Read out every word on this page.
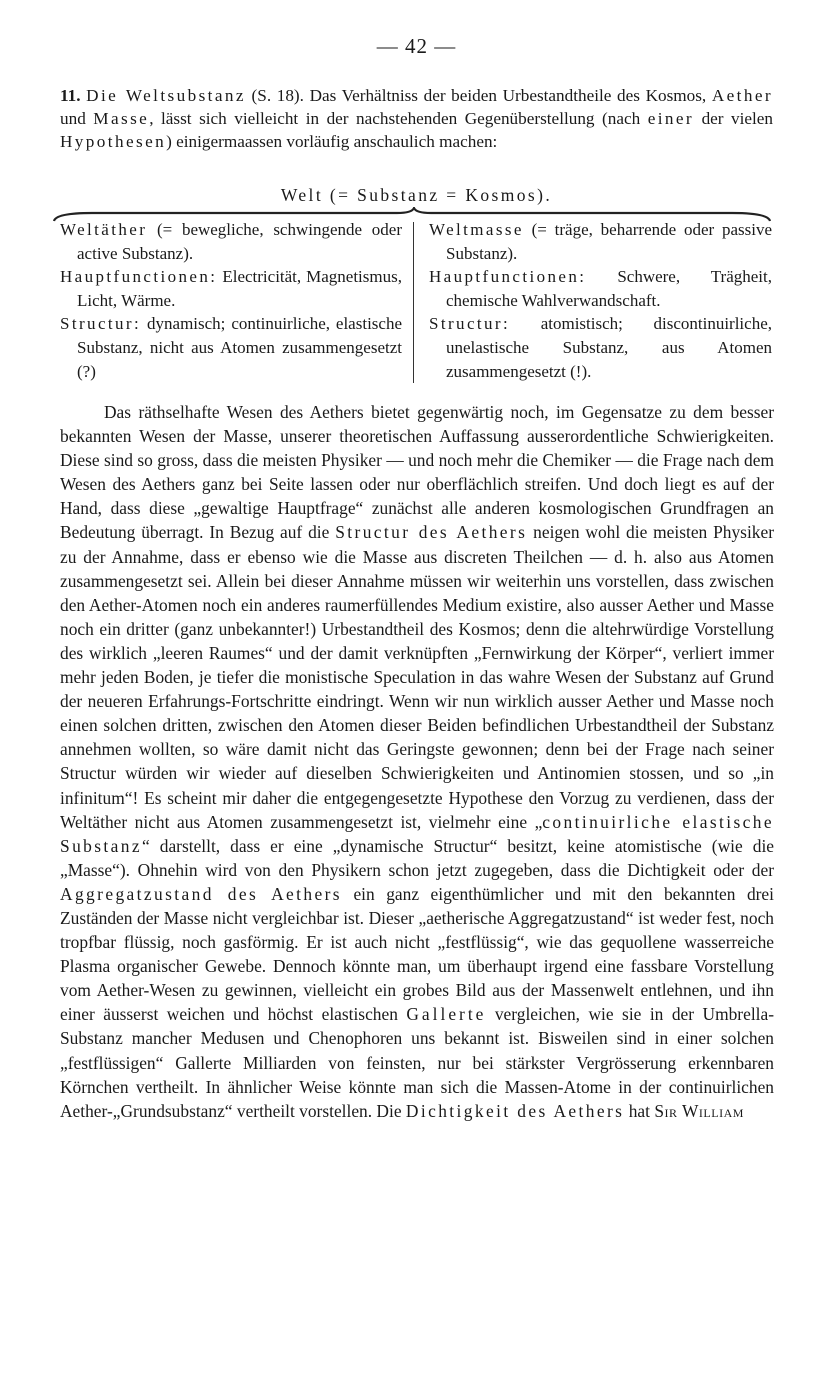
— 42 —
11. Die Weltsubstanz (S. 18). Das Verhältniss der beiden Urbestandtheile des Kosmos, Aether und Masse, lässt sich vielleicht in der nachstehenden Gegenüberstellung (nach einer der vielen Hypothesen) einigermaassen vorläufig anschaulich machen:
Welt (= Substanz = Kosmos).

Weltäther (= bewegliche, schwingende oder active Substanz).

Hauptfunctionen: Electricität, Magnetismus, Licht, Wärme.

Structur: dynamisch; continuirliche, elastische Substanz, nicht aus Atomen zusammengesetzt (?)

Weltmasse (= träge, beharrende oder passive Substanz).

Hauptfunctionen: Schwere, Trägheit, chemische Wahlverwandschaft.

Structur: atomistisch; discontinuirliche, unelastische Substanz, aus Atomen zusammengesetzt (!).

Das räthselhafte Wesen des Aethers bietet gegenwärtig noch, im Gegensatze zu dem besser bekannten Wesen der Masse, unserer theoretischen Auffassung ausserordentliche Schwierigkeiten. Diese sind so gross, dass die meisten Physiker — und noch mehr die Chemiker — die Frage nach dem Wesen des Aethers ganz bei Seite lassen oder nur oberflächlich streifen. Und doch liegt es auf der Hand, dass diese „gewaltige Hauptfrage“ zunächst alle anderen kosmologischen Grundfragen an Bedeutung überragt. In Bezug auf die Structur des Aethers neigen wohl die meisten Physiker zu der Annahme, dass er ebenso wie die Masse aus discreten Theilchen — d. h. also aus Atomen zusammengesetzt sei. Allein bei dieser Annahme müssen wir weiterhin uns vorstellen, dass zwischen den Aether-Atomen noch ein anderes raumerfüllendes Medium existire, also ausser Aether und Masse noch ein dritter (ganz unbekannter!) Urbestandtheil des Kosmos; denn die altehrwürdige Vorstellung des wirklich „leeren Raumes“ und der damit verknüpften „Fernwirkung der Körper“, verliert immer mehr jeden Boden, je tiefer die monistische Speculation in das wahre Wesen der Substanz auf Grund der neueren Erfahrungs-Fortschritte eindringt. Wenn wir nun wirklich ausser Aether und Masse noch einen solchen dritten, zwischen den Atomen dieser Beiden befindlichen Urbestandtheil der Substanz annehmen wollten, so wäre damit nicht das Geringste gewonnen; denn bei der Frage nach seiner Structur würden wir wieder auf dieselben Schwierigkeiten und Antinomien stossen, und so „in infinitum“! Es scheint mir daher die entgegengesetzte Hypothese den Vorzug zu verdienen, dass der Weltäther nicht aus Atomen zusammengesetzt ist, vielmehr eine „continuirliche elastische Substanz“ darstellt, dass er eine „dynamische Structur“ besitzt, keine atomistische (wie die „Masse“). Ohnehin wird von den Physikern schon jetzt zugegeben, dass die Dichtigkeit oder der Aggregatzustand des Aethers ein ganz eigenthümlicher und mit den bekannten drei Zuständen der Masse nicht vergleichbar ist. Dieser „aetherische Aggregatzustand“ ist weder fest, noch tropfbar flüssig, noch gasförmig. Er ist auch nicht „festflüssig“, wie das gequollene wasserreiche Plasma organischer Gewebe. Dennoch könnte man, um überhaupt irgend eine fassbare Vorstellung vom Aether-Wesen zu gewinnen, vielleicht ein grobes Bild aus der Massenwelt entlehnen, und ihn einer äusserst weichen und höchst elastischen Gallerte vergleichen, wie sie in der Umbrella-Substanz mancher Medusen und Chenophoren uns bekannt ist. Bisweilen sind in einer solchen „festflüssigen“ Gallerte Milliarden von feinsten, nur bei stärkster Vergrösserung erkennbaren Körnchen vertheilt. In ähnlicher Weise könnte man sich die Massen-Atome in der continuirlichen Aether-„Grundsubstanz“ vertheilt vorstellen. Die Dichtigkeit des Aethers hat Sir William
